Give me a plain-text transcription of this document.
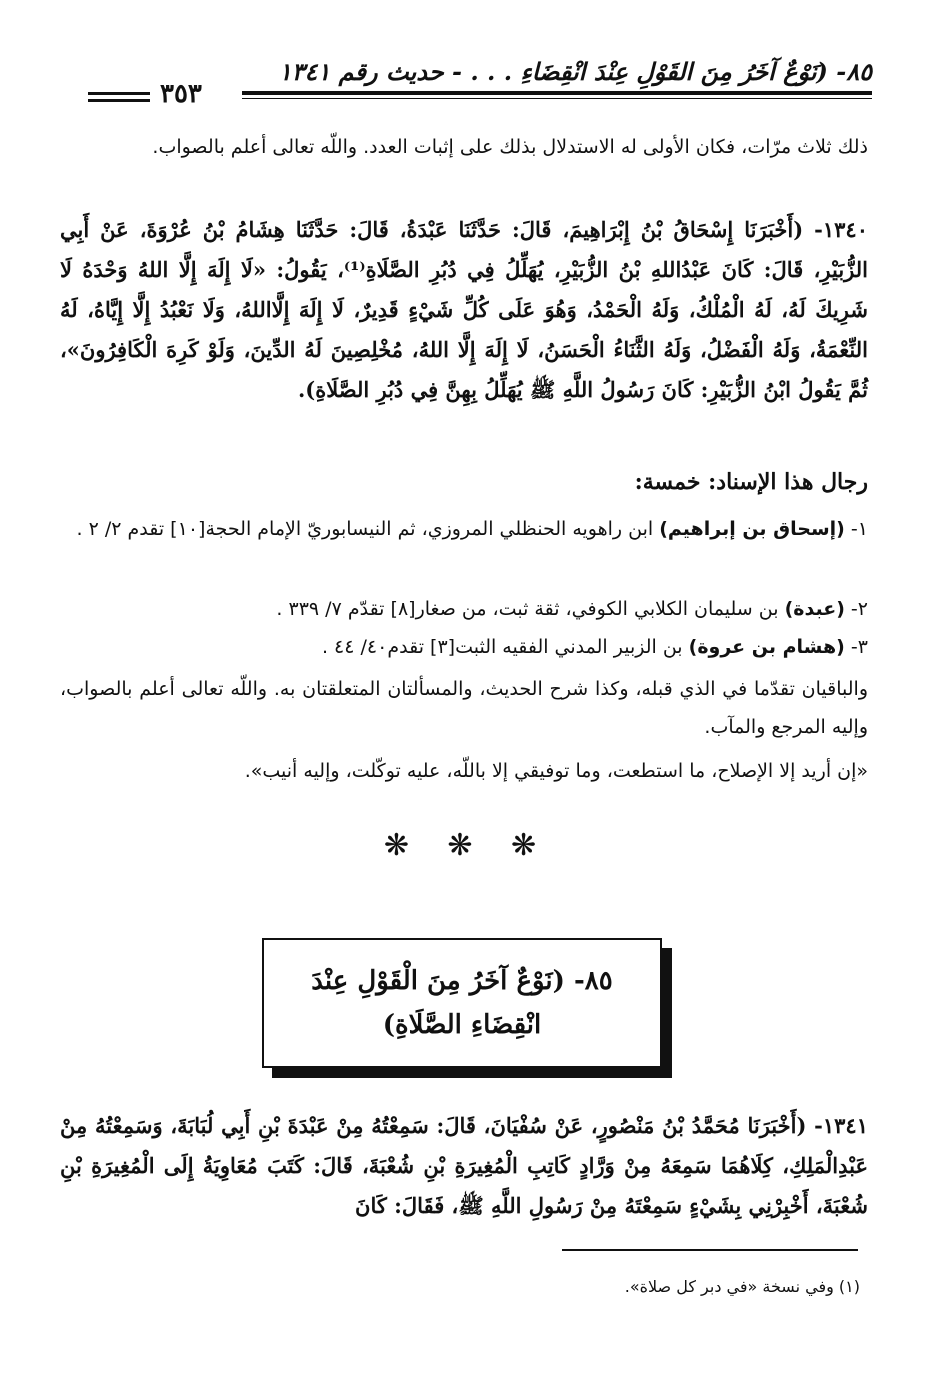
٨٥- (نَوْعٌ آخَرُ مِنَ القَوْلِ عِنْدَ انْقِضَاءِ . . . - حديث رقم ١٣٤١
٣٥٣
ذلك ثلاث مرّات، فكان الأولى له الاستدلال بذلك على إثبات العدد. واللّه تعالى أعلم بالصواب.
١٣٤٠- (أَخْبَرَنَا إِسْحَاقُ بْنُ إِبْرَاهِيمَ، قَالَ: حَدَّثَنَا عَبْدَةُ، قَالَ: حَدَّثَنَا هِشَامُ بْنُ عُرْوَةَ، عَنْ أَبِي الزُّبَيْرِ، قَالَ: كَانَ عَبْدُاللهِ بْنُ الزُّبَيْرِ، يُهَلِّلُ فِي دُبُرِ الصَّلَاةِ⁽¹⁾، يَقُولُ: «لَا إِلَهَ إِلَّا اللهُ وَحْدَهُ لَا شَرِيكَ لَهُ، لَهُ الْمُلْكُ، وَلَهُ الْحَمْدُ، وَهُوَ عَلَى كُلِّ شَيْءٍ قَدِيرٌ، لَا إِلَهَ إِلَّااللهُ، وَلَا نَعْبُدُ إِلَّا إِيَّاهُ، لَهُ النِّعْمَةُ، وَلَهُ الْفَضْلُ، وَلَهُ الثَّنَاءُ الْحَسَنُ، لَا إِلَهَ إِلَّا اللهُ، مُخْلِصِينَ لَهُ الدِّينَ، وَلَوْ كَرِهَ الْكَافِرُونَ»، ثُمَّ يَقُولُ ابْنُ الزُّبَيْرِ: كَانَ رَسُولُ اللَّهِ ﷺ يُهَلِّلُ بِهِنَّ فِي دُبُرِ الصَّلَاةِ).
رجال هذا الإسناد: خمسة:
١- (إسحاق بن إبراهيم) ابن راهويه الحنظلي المروزي، ثم النيسابوريّ الإمام الحجة[١٠] تقدم ٢/ ٢ .
٢- (عبدة) بن سليمان الكلابي الكوفي، ثقة ثبت، من صغار[٨] تقدّم ٧/ ٣٣٩ .
٣- (هشام بن عروة) بن الزبير المدني الفقيه الثبت[٣] تقدم٤٠/ ٤٤ .
والباقيان تقدّما في الذي قبله، وكذا شرح الحديث، والمسألتان المتعلقتان به. واللّه تعالى أعلم بالصواب، وإليه المرجع والمآب.
«إن أريد إلا الإصلاح، ما استطعت، وما توفيقي إلا باللّه، عليه توكّلت، وإليه أنيب».
❋ ❋ ❋
٨٥- (نَوْعٌ آخَرُ مِنَ الْقَوْلِ عِنْدَ
انْقِضَاءِ الصَّلَاةِ)
١٣٤١- (أَخْبَرَنَا مُحَمَّدُ بْنُ مَنْصُورٍ، عَنْ سُفْيَانَ، قَالَ: سَمِعْتُهُ مِنْ عَبْدَةَ بْنِ أَبِي لُبَابَةَ، وَسَمِعْتُهُ مِنْ عَبْدِالْمَلِكِ، كِلَاهُمَا سَمِعَهُ مِنْ وَرَّادٍ كَاتِبِ الْمُغِيرَةِ بْنِ شُعْبَةَ، قَالَ: كَتَبَ مُعَاوِيَةُ إِلَى الْمُغِيرَةِ بْنِ شُعْبَةَ، أَخْبِرْنِي بِشَيْءٍ سَمِعْتَهُ مِنْ رَسُولِ اللَّهِ ﷺ، فَقَالَ: كَانَ
(١) وفي نسخة «في دبر كل صلاة».
